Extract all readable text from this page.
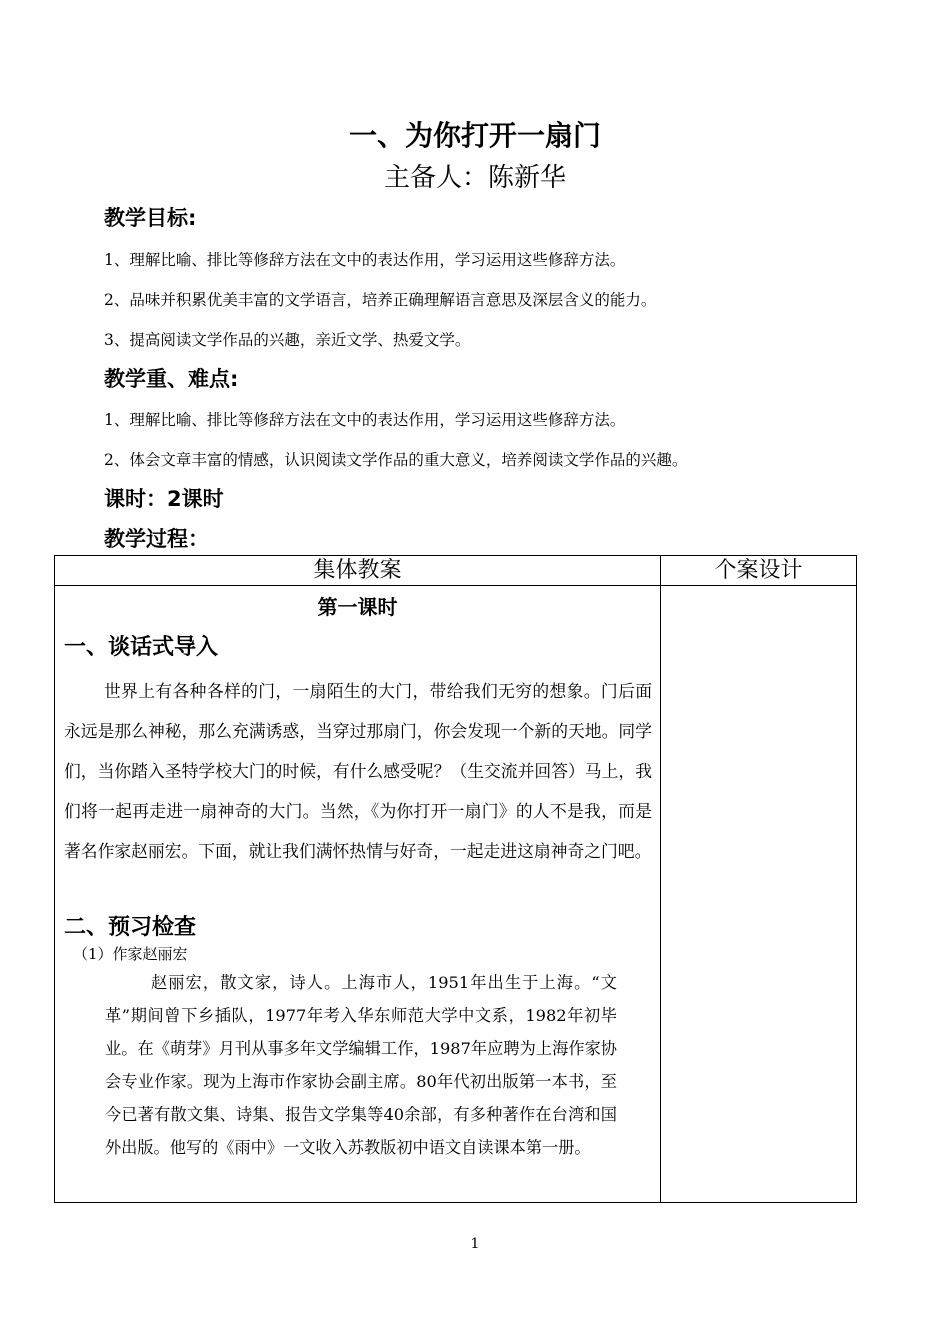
一、为你打开一扇门
主备人：陈新华
教学目标:
1、理解比喻、排比等修辞方法在文中的表达作用，学习运用这些修辞方法。
2、品味并积累优美丰富的文学语言，培养正确理解语言意思及深层含义的能力。
3、提高阅读文学作品的兴趣，亲近文学、热爱文学。
教学重、难点:
1、理解比喻、排比等修辞方法在文中的表达作用，学习运用这些修辞方法。
2、体会文章丰富的情感，认识阅读文学作品的重大意义，培养阅读文学作品的兴趣。
课时：2课时
教学过程：
集体教案	个案设计
第一课时
一、谈话式导入

世界上有各种各样的门，一扇陌生的大门，带给我们无穷的想象。门后面永远是那么神秘，那么充满诱惑，当穿过那扇门，你会发现一个新的天地。同学们，当你踏入圣特学校大门的时候，有什么感受呢？（生交流并回答）马上，我们将一起再走进一扇神奇的大门。当然，《为你打开一扇门》的人不是我，而是著名作家赵丽宏。下面，就让我们满怀热情与好奇，一起走进这扇神奇之门吧。

二、预习检查
（1）作家赵丽宏

赵丽宏，散文家，诗人。上海市人，1951年出生于上海。“文革”期间曾下乡插队，1977年考入华东师范大学中文系，1982年初毕业。在《萌芽》月刊从事多年文学编辑工作，1987年应聘为上海作家协会专业作家。现为上海市作家协会副主席。80年代初出版第一本书，至今已著有散文集、诗集、报告文学集等40余部，有多种著作在台湾和国外出版。他写的《雨中》一文收入苏教版初中语文自读课本第一册。

1
